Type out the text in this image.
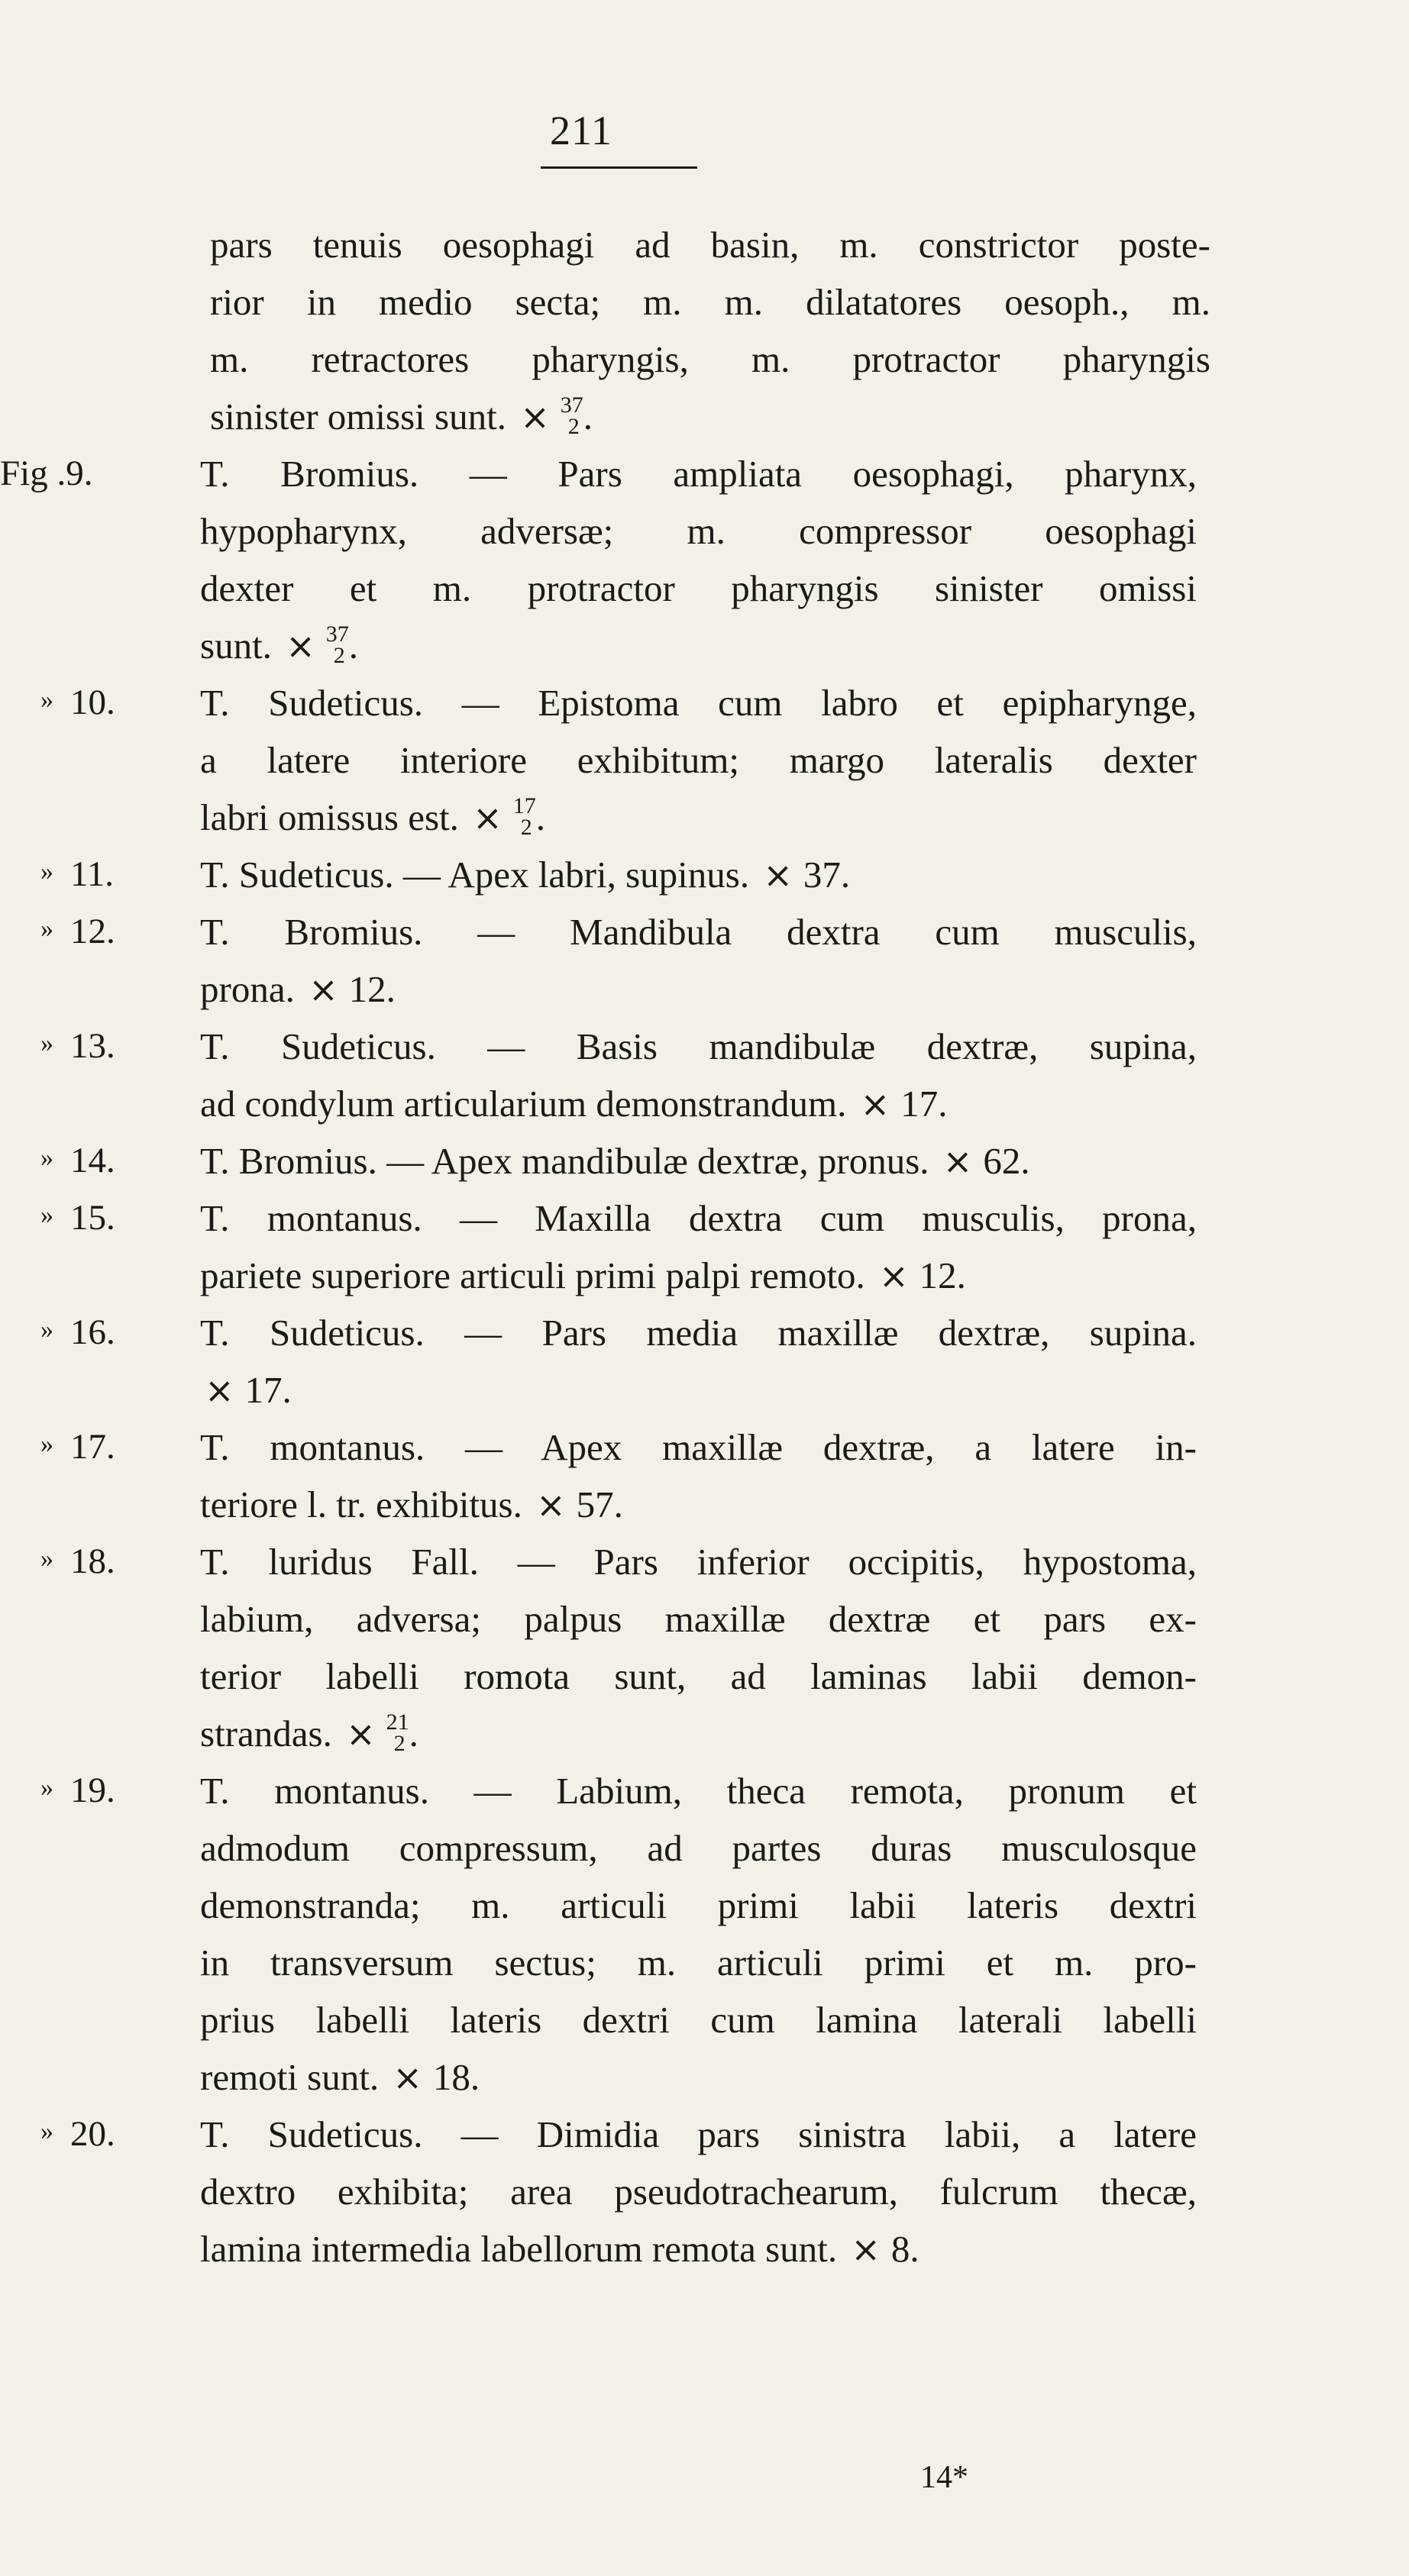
211
pars tenuis oesophagi ad basin, m. constrictor poste-
rior in medio secta; m. m. dilatatores oesoph., m.
m. retractores pharyngis, m. protractor pharyngis
sinister omissi sunt. × 37
2 .
Fig .9.	T. Bromius. — Pars ampliata oesophagi, pharynx,
hypopharynx, adversæ; m. compressor oesophagi
dexter et m. protractor pharyngis sinister omissi
sunt. × 37
2 .
» 10.	T. Sudeticus. — Epistoma cum labro et epipharynge,
a latere interiore exhibitum; margo lateralis dexter
labri omissus est. × 17
2 .
» 11.	T. Sudeticus. — Apex labri, supinus. × 37.
» 12.	T. Bromius. — Mandibula dextra cum musculis,
prona. × 12.
» 13.	T. Sudeticus. — Basis mandibulæ dextræ, supina,
ad condylum articularium demonstrandum. × 17.
» 14.	T. Bromius. — Apex mandibulæ dextræ, pronus. × 62.
» 15.	T. montanus. — Maxilla dextra cum musculis, prona,
pariete superiore articuli primi palpi remoto. × 12.
» 16.	T. Sudeticus. — Pars media maxillæ dextræ, supina.
× 17.
» 17.	T. montanus. — Apex maxillæ dextræ, a latere in-
teriore l. tr. exhibitus. × 57.
» 18.	T. luridus Fall. — Pars inferior occipitis, hypostoma,
labium, adversa; palpus maxillæ dextræ et pars ex-
terior labelli romota sunt, ad laminas labii demon-
strandas. × 21
2 .
» 19.	T. montanus. — Labium, theca remota, pronum et
admodum compressum, ad partes duras musculosque
demonstranda; m. articuli primi labii lateris dextri
in transversum sectus; m. articuli primi et m. pro-
prius labelli lateris dextri cum lamina laterali labelli
remoti sunt. × 18.
» 20.	T. Sudeticus. — Dimidia pars sinistra labii, a latere
dextro exhibita; area pseudotrachearum, fulcrum thecæ,
lamina intermedia labellorum remota sunt. × 8.
14*
